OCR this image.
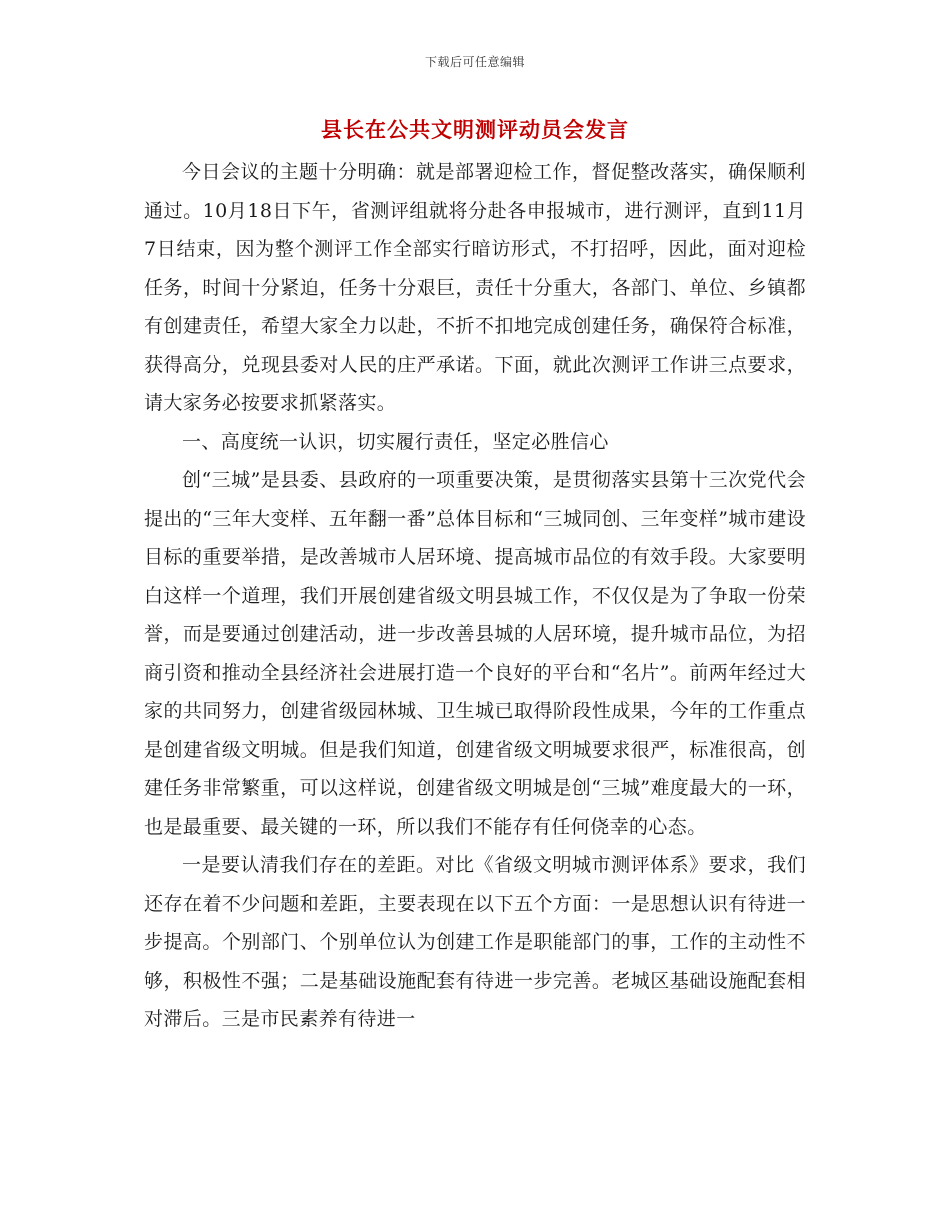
下载后可任意编辑
县长在公共文明测评动员会发言

今日会议的主题十分明确：就是部署迎检工作，督促整改落实，确保顺利通过。10月18日下午，省测评组就将分赴各申报城市，进行测评，直到11月7日结束，因为整个测评工作全部实行暗访形式，不打招呼，因此，面对迎检任务，时间十分紧迫，任务十分艰巨，责任十分重大，各部门、单位、乡镇都有创建责任，希望大家全力以赴，不折不扣地完成创建任务，确保符合标准，获得高分，兑现县委对人民的庄严承诺。下面，就此次测评工作讲三点要求，请大家务必按要求抓紧落实。

一、高度统一认识，切实履行责任，坚定必胜信心

创“三城”是县委、县政府的一项重要决策，是贯彻落实县第十三次党代会提出的“三年大变样、五年翻一番”总体目标和“三城同创、三年变样”城市建设目标的重要举措，是改善城市人居环境、提高城市品位的有效手段。大家要明白这样一个道理，我们开展创建省级文明县城工作，不仅仅是为了争取一份荣誉，而是要通过创建活动，进一步改善县城的人居环境，提升城市品位，为招商引资和推动全县经济社会进展打造一个良好的平台和“名片”。前两年经过大家的共同努力，创建省级园林城、卫生城已取得阶段性成果，今年的工作重点是创建省级文明城。但是我们知道，创建省级文明城要求很严，标准很高，创建任务非常繁重，可以这样说，创建省级文明城是创“三城”难度最大的一环，也是最重要、最关键的一环，所以我们不能存有任何侥幸的心态。

一是要认清我们存在的差距。对比《省级文明城市测评体系》要求，我们还存在着不少问题和差距，主要表现在以下五个方面：一是思想认识有待进一步提高。个别部门、个别单位认为创建工作是职能部门的事，工作的主动性不够，积极性不强；二是基础设施配套有待进一步完善。老城区基础设施配套相对滞后。三是市民素养有待进一
